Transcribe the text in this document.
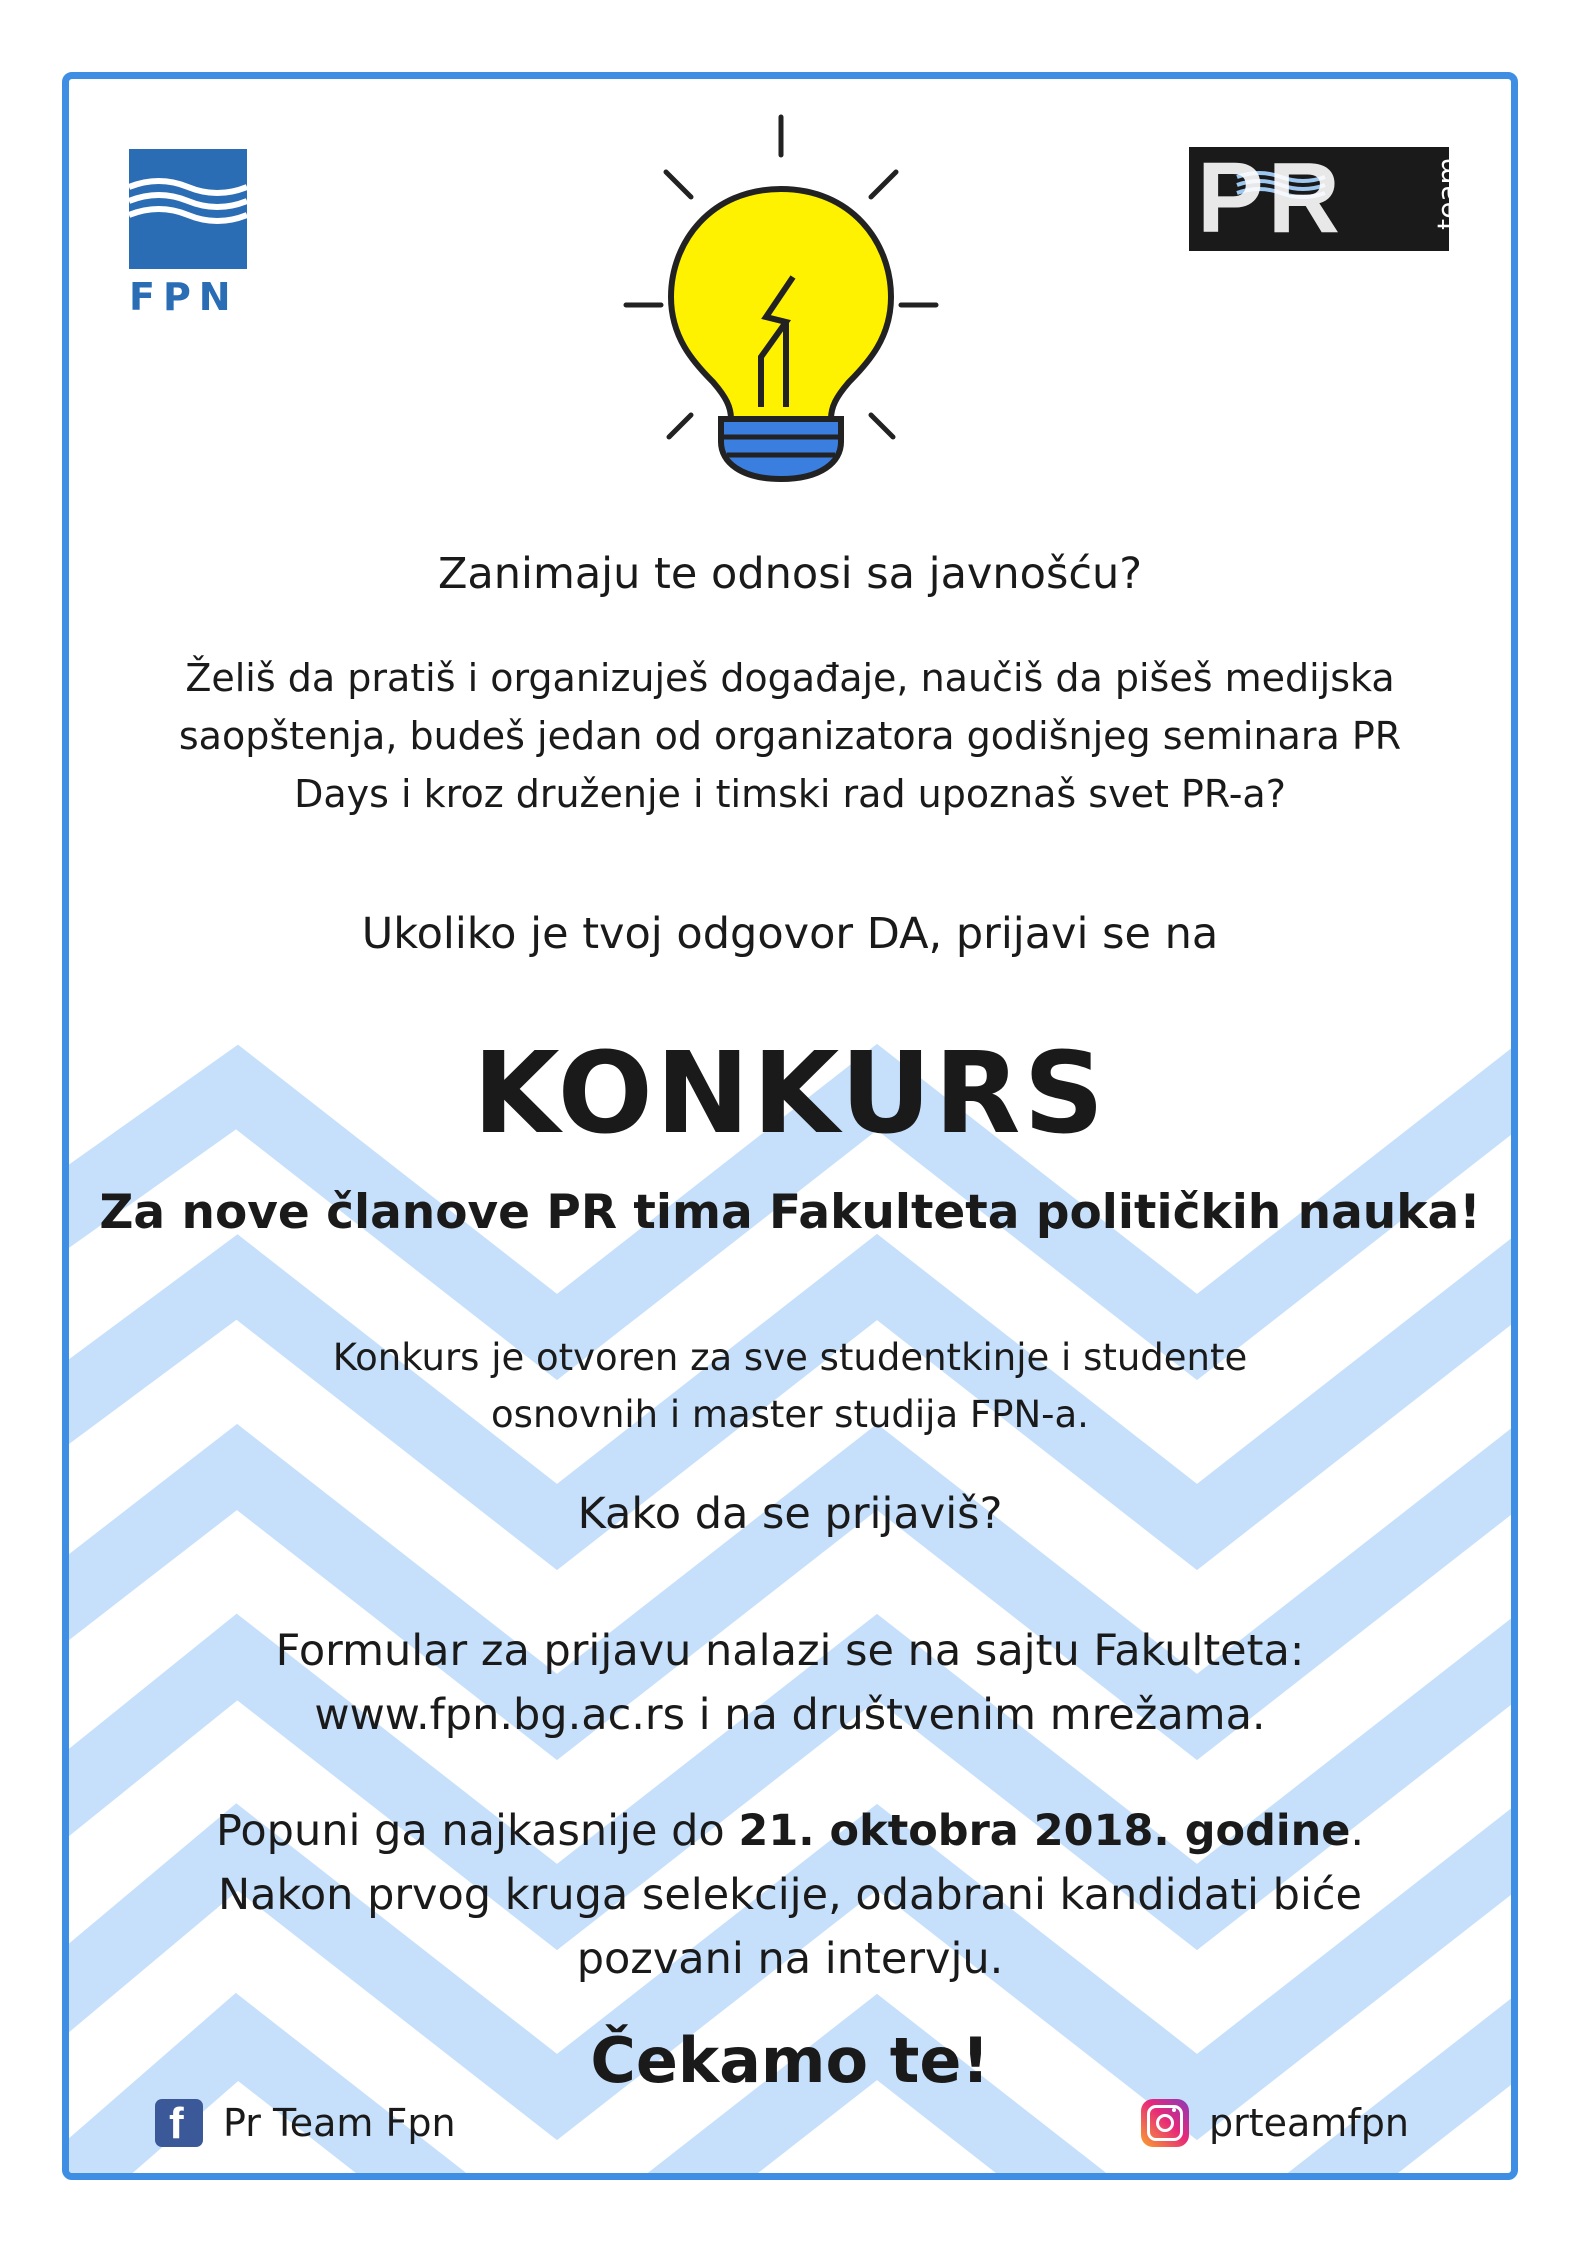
FPN
PR	team
Zanimaju te odnosi sa javnošću?
Želiš da pratiš i organizuješ događaje, naučiš da pišeš medijska saopštenja, budeš jedan od organizatora godišnjeg seminara PR Days i kroz druženje i timski rad upoznaš svet PR-a?
Ukoliko je tvoj odgovor DA, prijavi se na
KONKURS
Za nove članove PR tima Fakulteta političkih nauka!
Konkurs je otvoren za sve studentkinje i studente
osnovnih i master studija FPN-a.
Kako da se prijaviš?
Formular za prijavu nalazi se na sajtu Fakulteta:
www.fpn.bg.ac.rs i na društvenim mrežama.
Popuni ga najkasnije do 21. oktobra 2018. godine.
Nakon prvog kruga selekcije, odabrani kandidati biće
pozvani na intervju.
Čekamo te!
f Pr Team Fpn	prteamfpn
